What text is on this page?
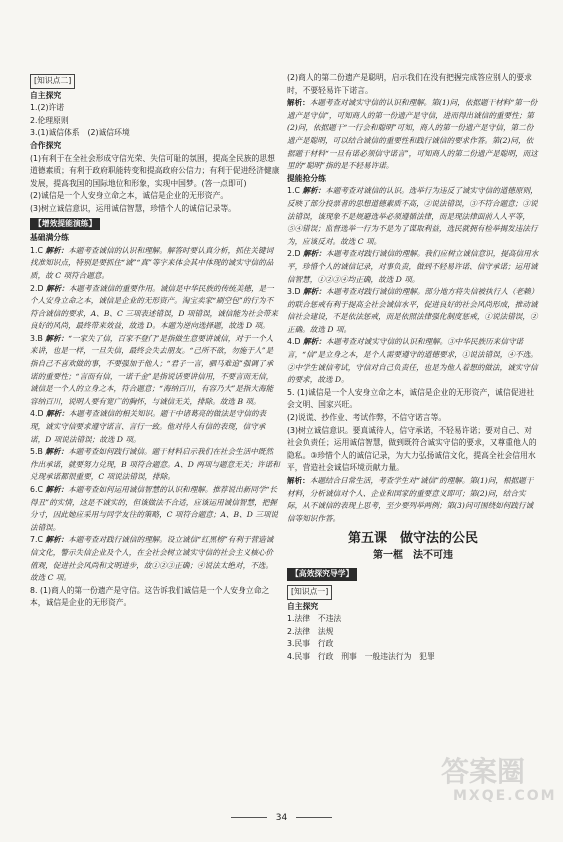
[知识点二]

自主探究

1.(2)许诺

2.伦理原则

3.(1)诚信体系　(2)诚信环境

合作探究

(1)有利于在全社会形成守信光荣、失信可耻的氛围，提高全民族的思想道德素质；有利于政府职能转变和提高政府公信力；有利于促进经济健康发展，提高我国的国际地位和形象，实现中国梦。(答一点即可)

(2)诚信是一个人安身立命之本，诚信是企业的无形资产。

(3)树立诚信意识，运用诚信智慧，珍惜个人的诚信记录等。

【增效提能演练】

基础满分练

1.C 解析：本题考查诚信的认识和理解。解答时要认真分析，抓住关键词找准知识点，特别是要抓住“诚”“真”等字来体会其中体现的诚实守信的品质，故 C 项符合题意。

2.D 解析：本题考查诚信的重要作用。诚信是中华民族的传统美德，是一个人安身立命之本，诚信是企业的无形资产。淘宝卖家“刷空包”的行为不符合诚信的要求，A、B、C 三项表述错误，D 项错误，诚信能为社会带来良好的风尚，最终带来效益，故选 D。本题为逆向选择题，故选 D 项。

3.B 解析：“一家失了信，百家不登门”是指做生意要讲诚信，对于一个人来讲，也是一样，一旦失信，最终会失去朋友。“己所不欲，勿施于人”是指自己不喜欢做的事，不要强加于他人；“君子一言，驷马难追”强调了承诺的重要性；“言而有信，一诺千金”是指说话要讲信用，不要言而无信，诚信是一个人的立身之本，符合题意；“海纳百川，有容乃大”是指大海能容纳百川，说明人要有宽广的胸怀，与诚信无关，排除。故选 B 项。

4.D 解析：本题考查诚信的相关知识。题干中诸葛亮的做法是守信的表现，诚实守信要求遵守诺言、言行一致。他对待人有信的表现，信守承诺，D 项说法错误；故选 D 项。

5.B 解析：本题考查如何践行诚信。题干材料启示我们在社会生活中既然作出承诺，就要努力兑现，B 项符合题意。A、D 两项与题意无关；许诺和兑现承诺都很重要，C 项说法错误，排除。

6.C 解析：本题考查如何运用诚信智慧的认识和理解。推荐说出新同学“长得丑”的实情，这是不诚实的，但该做法不合适，应该运用诚信智慧，把握分寸，因此她应采用与同学友往的策略，C 项符合题意；A、B、D 三项说法错误。

7.C 解析：本题考查对践行诚信的理解。设立诚信“红黑榜”有利于营造诚信文化，警示失信企业及个人，在全社会树立诚实守信的社会主义核心价值观，促进社会风尚和文明进步，故①②③正确；④说法太绝对，不选。故选 C 项。

8. (1)商人的第一份遗产是守信。这告诉我们诚信是一个人安身立命之本，诚信是企业的无形资产。

(2)商人的第二份遗产是聪明，启示我们在没有把握完成答应别人的要求时，不要轻易许下诺言。

解析：本题考查对诚实守信的认识和理解。第(1)问，依据题干材料“第一份遗产是守信”，可知商人的第一份遗产是守信，进而得出诚信的重要性；第(2)问，依据题干“一行会和聪明”可知，商人的第一份遗产是守信，第二份遗产是聪明，可以结合诚信的重要性和践行诚信的要求作答。第(2)问，依据题干材料“一旦有诺必须信守诺言”，可知商人的第二份遗产是聪明，而这里的“聪明”指的是不轻易许诺。

提能抢分练

1.C 解析：本题考查对诚信的认识。选举行为违反了诚实守信的道德原则，反映了部分投票者的思想道德素质不高，②说法错误，③不符合题意；③说法错误，该现象不是规避选举必须遵循法律，而是现法律面前人人平等，⑤④错误；监督选举一行为不是为了谋取利益，选民就拥有检举揭发违法行为，应该反对。故选 C 项。

2.D 解析：本题考查对践行诚信的理解。我们应树立诚信意识，提高信用水平，珍惜个人的诚信记录，对事负责，做到不轻易许诺、信守承诺；运用诚信智慧，①②③④均正确，故选 D 项。

3.D 解析：本题考查对践行诚信的理解。部分地方将失信被执行人（老赖）的联合惩戒有利于提高全社会诚信水平，促进良好的社会风尚形成，推动诚信社会建设，不是依法惩戒，而是依照法律强化制度惩戒，①说法错误，②正确。故选 D 项。

4.D 解析：本题考查对诚实守信的认识和理解。③中华民族历来信守诺言，“信”是立身之本，是个人需要遵守的道德要求，①说法错误，④不选。②中学生诚信考试，守信对自己负责任，也是为他人着想的做法，诚实守信的要求，故选 D。

5. (1)诚信是一个人安身立命之本，诚信是企业的无形资产，诚信促进社会文明、国家兴旺。

(2)说谎、抄作业、考试作弊，不信守诺言等。

(3)树立诚信意识。要真诚待人，信守承诺，不轻易许诺；要对自己、对社会负责任；运用诚信智慧，做到既符合诚实守信的要求，又尊重他人的隐私。③珍惜个人的诚信记录，为大力弘扬诚信文化，提高全社会信用水平，营造社会诚信环境贡献力量。

解析：本题结合日常生活，考查学生对“诚信”的理解。第(1)问，根据题干材料，分析诚信对个人、企业和国家的重要意义即可；第(2)问，结合实际，从不诚信的表现上思考，至少要列举两例；第(3)问可围绕如何践行诚信等知识作答。

第五课　做守法的公民

第一框　法不可违

【高效探究导学】
[知识点一]

自主探究

1.法律　不违法

2.法律　法规

3.民事　行政

4.民事　行政　刑事　一般违法行为　犯罪

34
答案圈
MXQE.COM
